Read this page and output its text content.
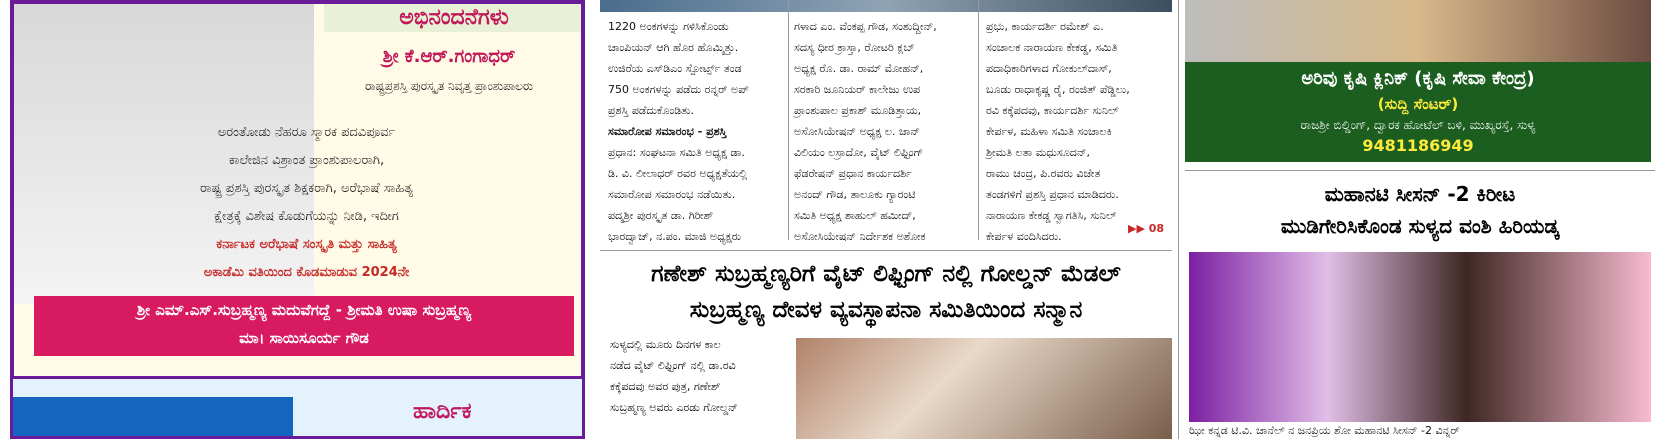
ಅಭಿನಂದನೆಗಳು
ಶ್ರೀ ಕೆ.ಆರ್.ಗಂಗಾಧರ್
ರಾಷ್ಟ್ರಪ್ರಶಸ್ತಿ ಪುರಸ್ಕೃತ ನಿವೃತ್ತ ಪ್ರಾಂಶುಪಾಲರು
ಅರಂತೋಡು ನೆಹರೂ ಸ್ಮಾರಕ ಪದವಿಪೂರ್ವ
ಕಾಲೇಜಿನ ವಿಶ್ರಾಂತ ಪ್ರಾಂಶುಪಾಲರಾಗಿ,
ರಾಷ್ಟ್ರ ಪ್ರಶಸ್ತಿ ಪುರಸ್ಕೃತ ಶಿಕ್ಷಕರಾಗಿ, ಅರೆಭಾಷೆ ಸಾಹಿತ್ಯ
ಕ್ಷೇತ್ರಕ್ಕೆ ವಿಶೇಷ ಕೊಡುಗೆಯನ್ನು ನೀಡಿ, ಇದೀಗ
ಕರ್ನಾಟಕ ಅರೆಭಾಷೆ ಸಂಸ್ಕೃತಿ ಮತ್ತು ಸಾಹಿತ್ಯ
ಅಕಾಡೆಮಿ ವತಿಯಿಂದ ಕೊಡಮಾಡುವ 2024ನೇ
ಶ್ರೀ ಎಮ್.ಎಸ್.ಸುಬ್ರಹ್ಮಣ್ಯ ಮದುವೆಗದ್ದೆ - ಶ್ರೀಮತಿ ಉಷಾ ಸುಬ್ರಹ್ಮಣ್ಯ
ಮಾ। ಸಾಯಿಸೂರ್ಯ ಗೌಡ
ಹಾರ್ದಿಕ

1220 ಅಂಕಗಳನ್ನು ಗಳಿಸಿಕೊಂಡು

ಚಾಂಪಿಯನ್ ಆಗಿ ಹೊರ ಹೊಮ್ಮಿತ್ತು.

ಉಜಿರೆಯ ಎಸ್‌ಡಿಎಂ ಸ್ಪೋರ್ಟ್ಸ್ ತಂಡ

750 ಅಂಕಗಳನ್ನು ಪಡೆದು ರನ್ನರ್ ಅಪ್

ಪ್ರಶಸ್ತಿ ಪಡೆದುಕೊಂಡಿತು.

ಸಮಾರೋಪ ಸಮಾರಂಭ - ಪ್ರಶಸ್ತಿ

ಪ್ರಧಾನ: ಸಂಘಟನಾ ಸಮಿತಿ ಅಧ್ಯಕ್ಷ ಡಾ.

ಡಿ. ವಿ. ಲೀಲಾಧರ್ ರವರ ಅಧ್ಯಕ್ಷತೆಯಲ್ಲಿ

ಸಮಾರೋಪ ಸಮಾರಂಭ ನಡೆಯಿತು.

ಪದ್ಮಶ್ರೀ ಪುರಸ್ಕೃತ ಡಾ. ಗಿರೀಶ್

ಭಾರದ್ವಾಜ್, ನ.ಪಂ. ಮಾಜಿ ಅಧ್ಯಕ್ಷರು

ಗಳಾದ ಎಂ. ವೆಂಕಪ್ಪ ಗೌಡ, ಸಂಶುದ್ದೀನ್,

ಸದಸ್ಯ ಧೀರ ಕ್ರಾಸ್ತಾ, ರೋಟರಿ ಕ್ಲಬ್

ಅಧ್ಯಕ್ಷ ರೊ. ಡಾ. ರಾಮ್ ಮೋಹನ್,

ಸರಕಾರಿ ಜೂನಿಯರ್ ಕಾಲೇಜು ಉಪ

ಪ್ರಾಂಶುಪಾಲ ಪ್ರಕಾಶ್ ಮೂಡಿತ್ತಾಯ,

ಅಸೋಸಿಯೇಷನ್ ಅಧ್ಯಕ್ಷ ಲ. ಜಾನ್

ವಿಲಿಯಂ ಲಸ್ರಾದೋ, ವೈಟ್ ಲಿಫ್ಟಿಂಗ್

ಫೆಡರೇಷನ್ ಪ್ರಧಾನ ಕಾರ್ಯದರ್ಶಿ

ಅನಂದ್ ಗೌಡ, ತಾಲೂಕು ಗ್ಯಾರಂಟಿ

ಸಮಿತಿ ಅಧ್ಯಕ್ಷ ಶಾಹುಲ್ ಹಮೀದ್,

ಅಸೋಸಿಯೇಷನ್ ನಿರ್ದೇಶಕ ಅಶೋಕ

ಪ್ರಭು, ಕಾರ್ಯದರ್ಶಿ ರಮೇಶ್ ಎ.

ಸಂಚಾಲಕ ನಾರಾಯಣ ಕೇಕಡ್ಡ, ಸಮಿತಿ

ಪದಾಧಿಕಾರಿಗಳಾದ ಗೋಕುಲ್‌ದಾಸ್,

ಬೂಡು ರಾಧಾಕೃಷ್ಣ ರೈ, ರಂಜಿತ್ ಪೆಡ್ಡಿಲು,

ರವಿ ಕಕ್ಕೆಪದವು, ಕಾರ್ಯದರ್ಶಿ ಸುನಿಲ್

ಕೇರ್ಪಳ, ಮಹಿಳಾ ಸಮಿತಿ ಸಂಚಾಲಕಿ

ಶ್ರೀಮತಿ ಲತಾ ಮಧುಸೂದನ್,

ರಾಮು ಚಂದ್ರ, ಪಿ.ರವರು ವಿಜೇತ

ತಂಡಗಳಿಗೆ ಪ್ರಶಸ್ತಿ ಪ್ರಧಾನ ಮಾಡಿದರು.

ನಾರಾಯಣ ಕೇಕಡ್ಡ ಸ್ವಾಗತಿಸಿ, ಸುನಿಲ್

ಕೇರ್ಪಳ ವಂದಿಸಿದರು.

▶▶ 08
ಗಣೇಶ್ ಸುಬ್ರಹ್ಮಣ್ಯರಿಗೆ ವೈಟ್ ಲಿಫ್ಟಿಂಗ್ ನಲ್ಲಿ ಗೋಲ್ಡನ್ ಮೆಡಲ್
ಸುಬ್ರಹ್ಮಣ್ಯ ದೇವಳ ವ್ಯವಸ್ಥಾಪನಾ ಸಮಿತಿಯಿಂದ ಸನ್ಮಾನ
ಸುಳ್ಯದಲ್ಲಿ ಮೂರು ದಿನಗಳ ಕಾಲ
ನಡೆದ ವೈಟ್ ಲಿಫ್ಟಿಂಗ್ ನಲ್ಲಿ ಡಾ.ರವಿ
ಕಕ್ಕೆಪದವು ಅವರ ಪುತ್ರ, ಗಣೇಶ್
ಸುಬ್ರಹ್ಮಣ್ಯ ಅವರು ಎರಡು ಗೋಲ್ಡನ್
ಅರಿವು ಕೃಷಿ ಕ್ಲಿನಿಕ್ (ಕೃಷಿ ಸೇವಾ ಕೇಂದ್ರ)
(ಸುದ್ದಿ ಸೆಂಟರ್)
ರಾಜಶ್ರೀ ಬಿಲ್ಡಿಂಗ್, ದ್ವಾರಕ ಹೋಟೆಲ್ ಬಳಿ, ಮುಖ್ಯರಸ್ತೆ, ಸುಳ್ಯ
9481186949
ಮಹಾನಟಿ ಸೀಸನ್ -2 ಕಿರೀಟ
ಮುಡಿಗೇರಿಸಿಕೊಂಡ ಸುಳ್ಯದ ವಂಶಿ ಹಿರಿಯಡ್ಕ
ಝೀ ಕನ್ನಡ ಟಿ.ವಿ. ಚಾನೆಲ್ ನ ಜನಪ್ರಿಯ ಶೋ ಮಹಾನಟಿ ಸೀಸನ್ -2 ವಿನ್ನರ್
